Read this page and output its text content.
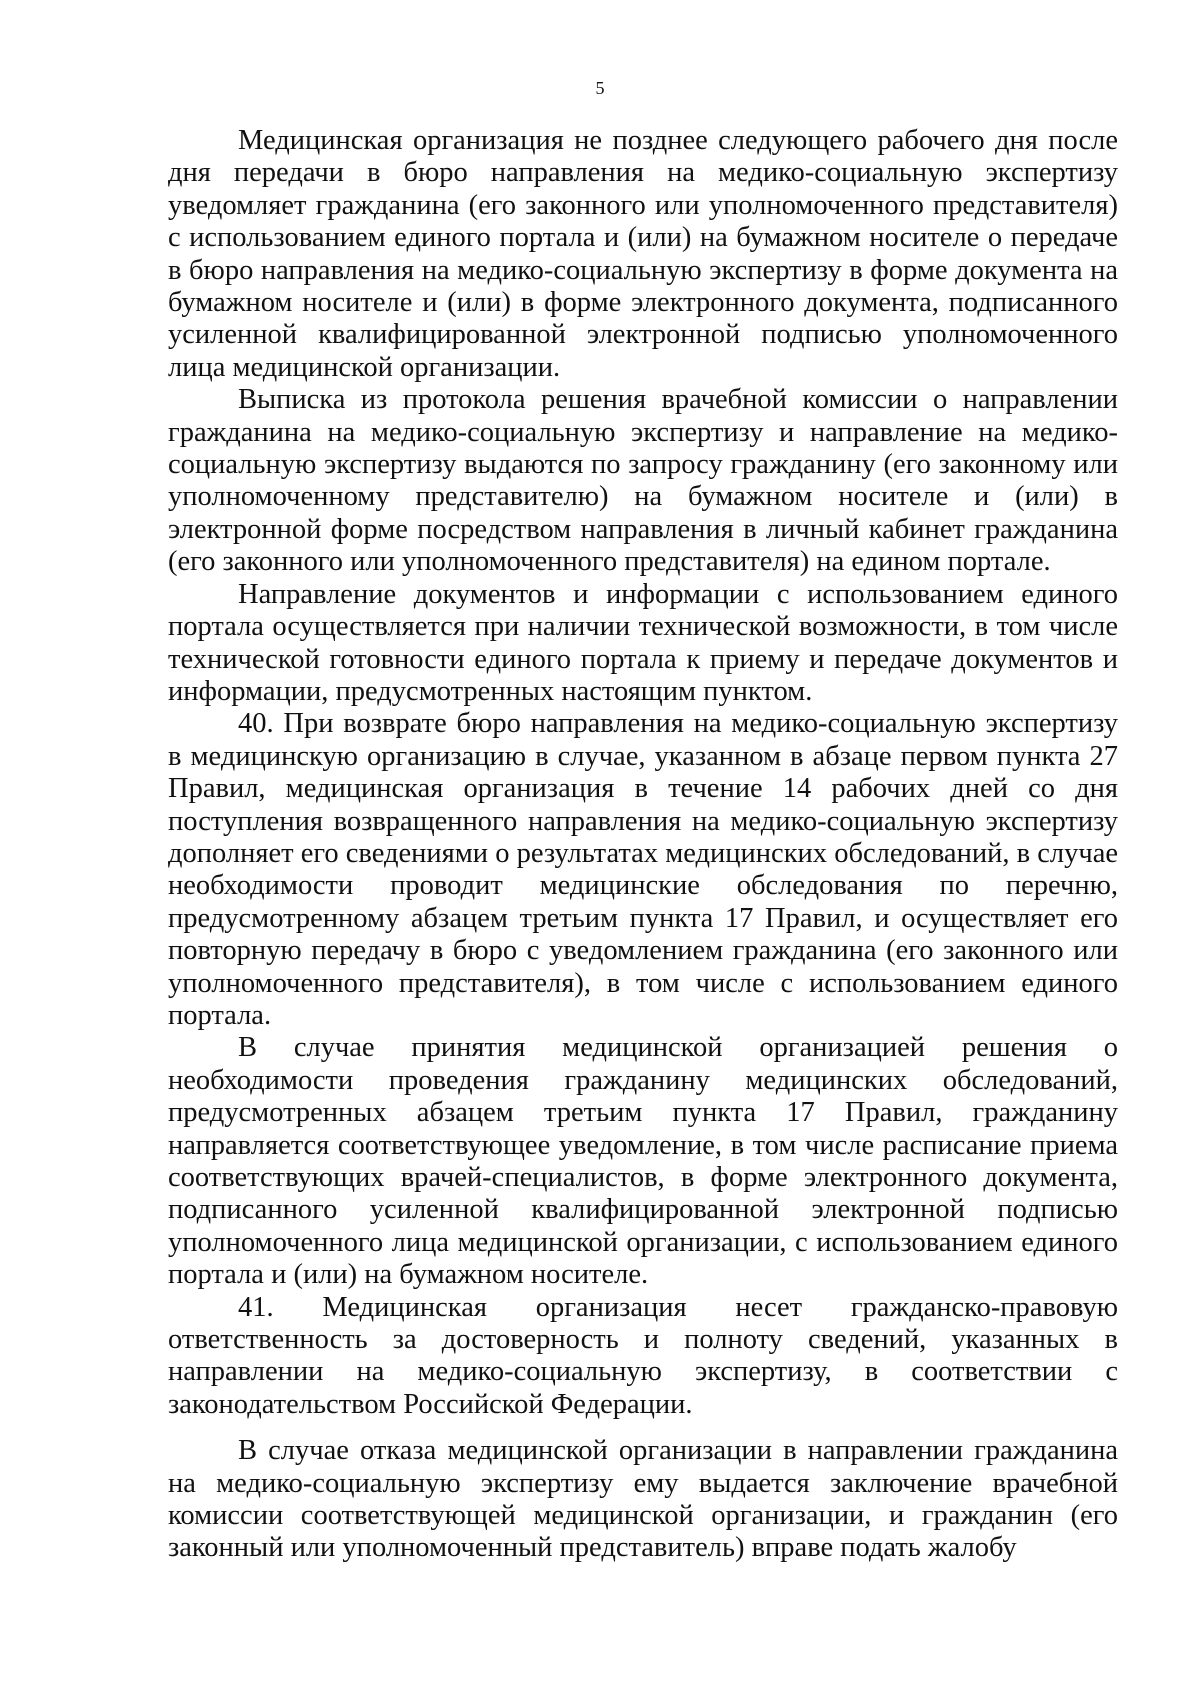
5

Медицинская организация не позднее следующего рабочего дня после дня передачи в бюро направления на медико-социальную экспертизу уведомляет гражданина (его законного или уполномоченного представителя) с использованием единого портала и (или) на бумажном носителе о передаче в бюро направления на медико-социальную экспертизу в форме документа на бумажном носителе и (или) в форме электронного документа, подписанного усиленной квалифицированной электронной подписью уполномоченного лица медицинской организации.

Выписка из протокола решения врачебной комиссии о направлении гражданина на медико-социальную экспертизу и направление на медико-социальную экспертизу выдаются по запросу гражданину (его законному или уполномоченному представителю) на бумажном носителе и (или) в электронной форме посредством направления в личный кабинет гражданина (его законного или уполномоченного представителя) на едином портале.

Направление документов и информации с использованием единого портала осуществляется при наличии технической возможности, в том числе технической готовности единого портала к приему и передаче документов и информации, предусмотренных настоящим пунктом.

40. При возврате бюро направления на медико-социальную экспертизу в медицинскую организацию в случае, указанном в абзаце первом пункта 27 Правил, медицинская организация в течение 14 рабочих дней со дня поступления возвращенного направления на медико-социальную экспертизу дополняет его сведениями о результатах медицинских обследований, в случае необходимости проводит медицинские обследования по перечню, предусмотренному абзацем третьим пункта 17 Правил, и осуществляет его повторную передачу в бюро с уведомлением гражданина (его законного или уполномоченного представителя), в том числе с использованием единого портала.

В случае принятия медицинской организацией решения о необходимости проведения гражданину медицинских обследований, предусмотренных абзацем третьим пункта 17 Правил, гражданину направляется соответствующее уведомление, в том числе расписание приема соответствующих врачей-специалистов, в форме электронного документа, подписанного усиленной квалифицированной электронной подписью уполномоченного лица медицинской организации, с использованием единого портала и (или) на бумажном носителе.

41. Медицинская организация несет гражданско-правовую ответственность за достоверность и полноту сведений, указанных в направлении на медико-социальную экспертизу, в соответствии с законодательством Российской Федерации.

В случае отказа медицинской организации в направлении гражданина на медико-социальную экспертизу ему выдается заключение врачебной комиссии соответствующей медицинской организации, и гражданин (его законный или уполномоченный представитель) вправе подать жалобу
